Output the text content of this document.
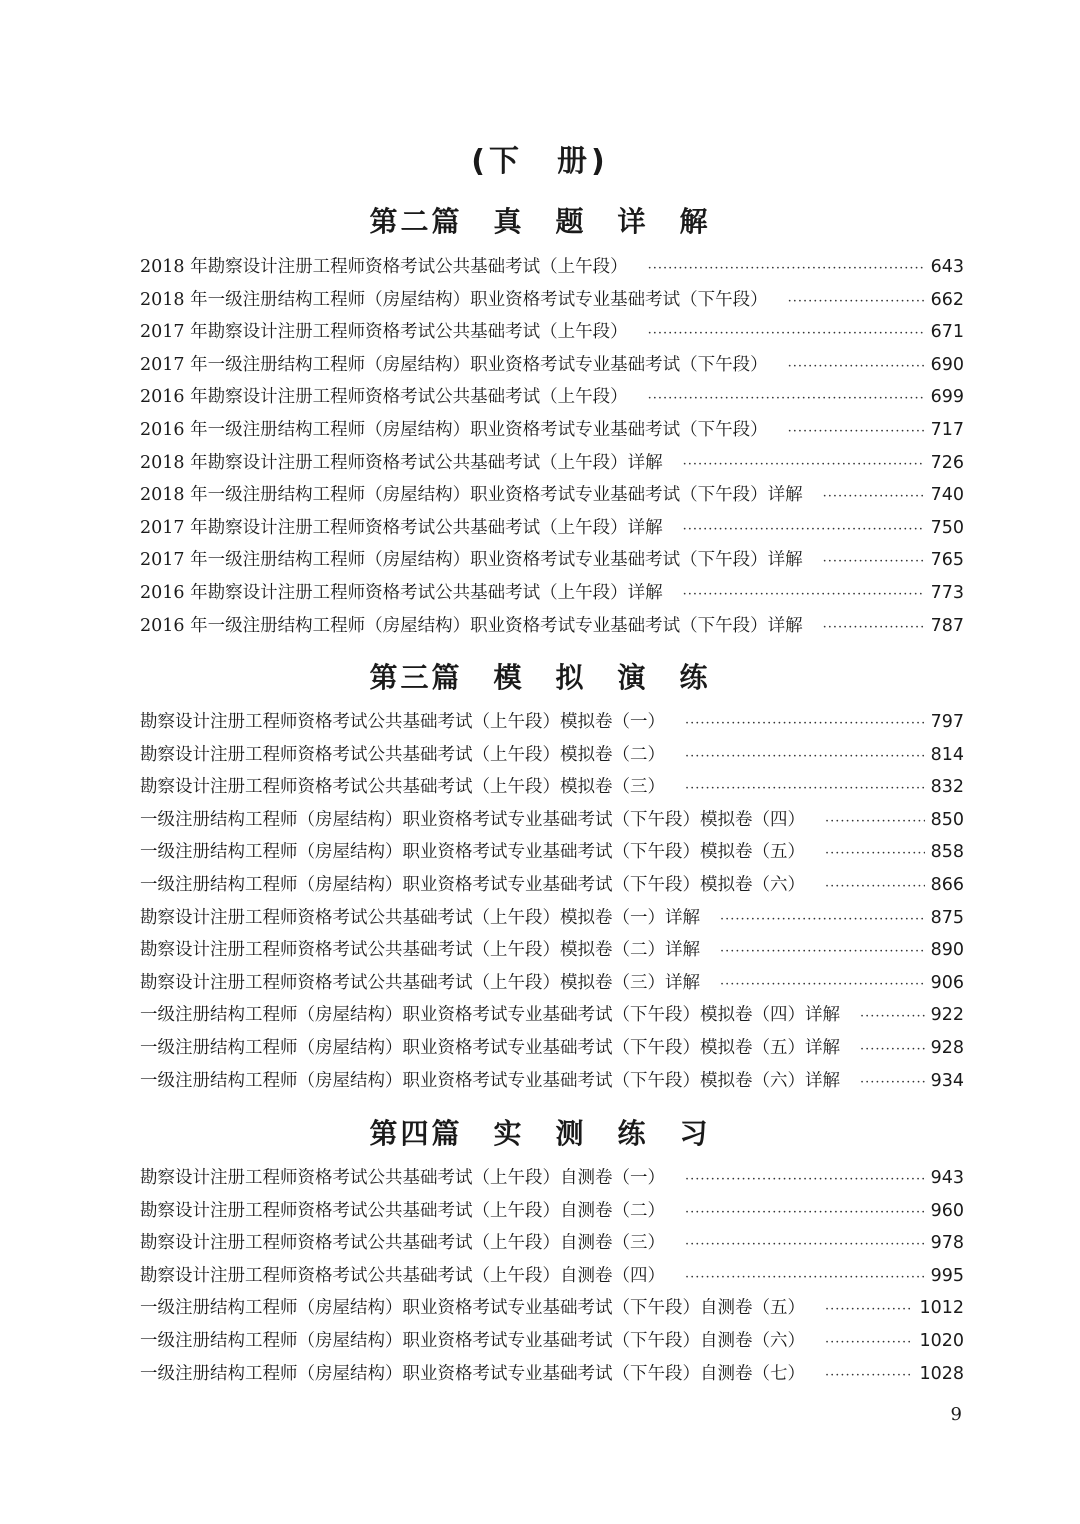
(下　册)
第二篇　真　题　详　解
2018 年勘察设计注册工程师资格考试公共基础考试（上午段） ·····	643
2018 年一级注册结构工程师（房屋结构）职业资格考试专业基础考试（下午段） ·····	662
2017 年勘察设计注册工程师资格考试公共基础考试（上午段） ·····	671
2017 年一级注册结构工程师（房屋结构）职业资格考试专业基础考试（下午段） ·····	690
2016 年勘察设计注册工程师资格考试公共基础考试（上午段） ·····	699
2016 年一级注册结构工程师（房屋结构）职业资格考试专业基础考试（下午段） ·····	717
2018 年勘察设计注册工程师资格考试公共基础考试（上午段）详解 ·····	726
2018 年一级注册结构工程师（房屋结构）职业资格考试专业基础考试（下午段）详解 ·····	740
2017 年勘察设计注册工程师资格考试公共基础考试（上午段）详解 ·····	750
2017 年一级注册结构工程师（房屋结构）职业资格考试专业基础考试（下午段）详解 ·····	765
2016 年勘察设计注册工程师资格考试公共基础考试（上午段）详解 ·····	773
2016 年一级注册结构工程师（房屋结构）职业资格考试专业基础考试（下午段）详解 ·····	787
第三篇　模　拟　演　练
勘察设计注册工程师资格考试公共基础考试（上午段）模拟卷（一） ·····	797
勘察设计注册工程师资格考试公共基础考试（上午段）模拟卷（二） ·····	814
勘察设计注册工程师资格考试公共基础考试（上午段）模拟卷（三） ·····	832
一级注册结构工程师（房屋结构）职业资格考试专业基础考试（下午段）模拟卷（四） ·····	850
一级注册结构工程师（房屋结构）职业资格考试专业基础考试（下午段）模拟卷（五） ·····	858
一级注册结构工程师（房屋结构）职业资格考试专业基础考试（下午段）模拟卷（六） ·····	866
勘察设计注册工程师资格考试公共基础考试（上午段）模拟卷（一）详解 ·····	875
勘察设计注册工程师资格考试公共基础考试（上午段）模拟卷（二）详解 ·····	890
勘察设计注册工程师资格考试公共基础考试（上午段）模拟卷（三）详解 ·····	906
一级注册结构工程师（房屋结构）职业资格考试专业基础考试（下午段）模拟卷（四）详解 ·····	922
一级注册结构工程师（房屋结构）职业资格考试专业基础考试（下午段）模拟卷（五）详解 ·····	928
一级注册结构工程师（房屋结构）职业资格考试专业基础考试（下午段）模拟卷（六）详解 ·····	934
第四篇　实　测　练　习
勘察设计注册工程师资格考试公共基础考试（上午段）自测卷（一） ·····	943
勘察设计注册工程师资格考试公共基础考试（上午段）自测卷（二） ·····	960
勘察设计注册工程师资格考试公共基础考试（上午段）自测卷（三） ·····	978
勘察设计注册工程师资格考试公共基础考试（上午段）自测卷（四） ·····	995
一级注册结构工程师（房屋结构）职业资格考试专业基础考试（下午段）自测卷（五） ·····	1012
一级注册结构工程师（房屋结构）职业资格考试专业基础考试（下午段）自测卷（六） ·····	1020
一级注册结构工程师（房屋结构）职业资格考试专业基础考试（下午段）自测卷（七） ·····	1028
9
